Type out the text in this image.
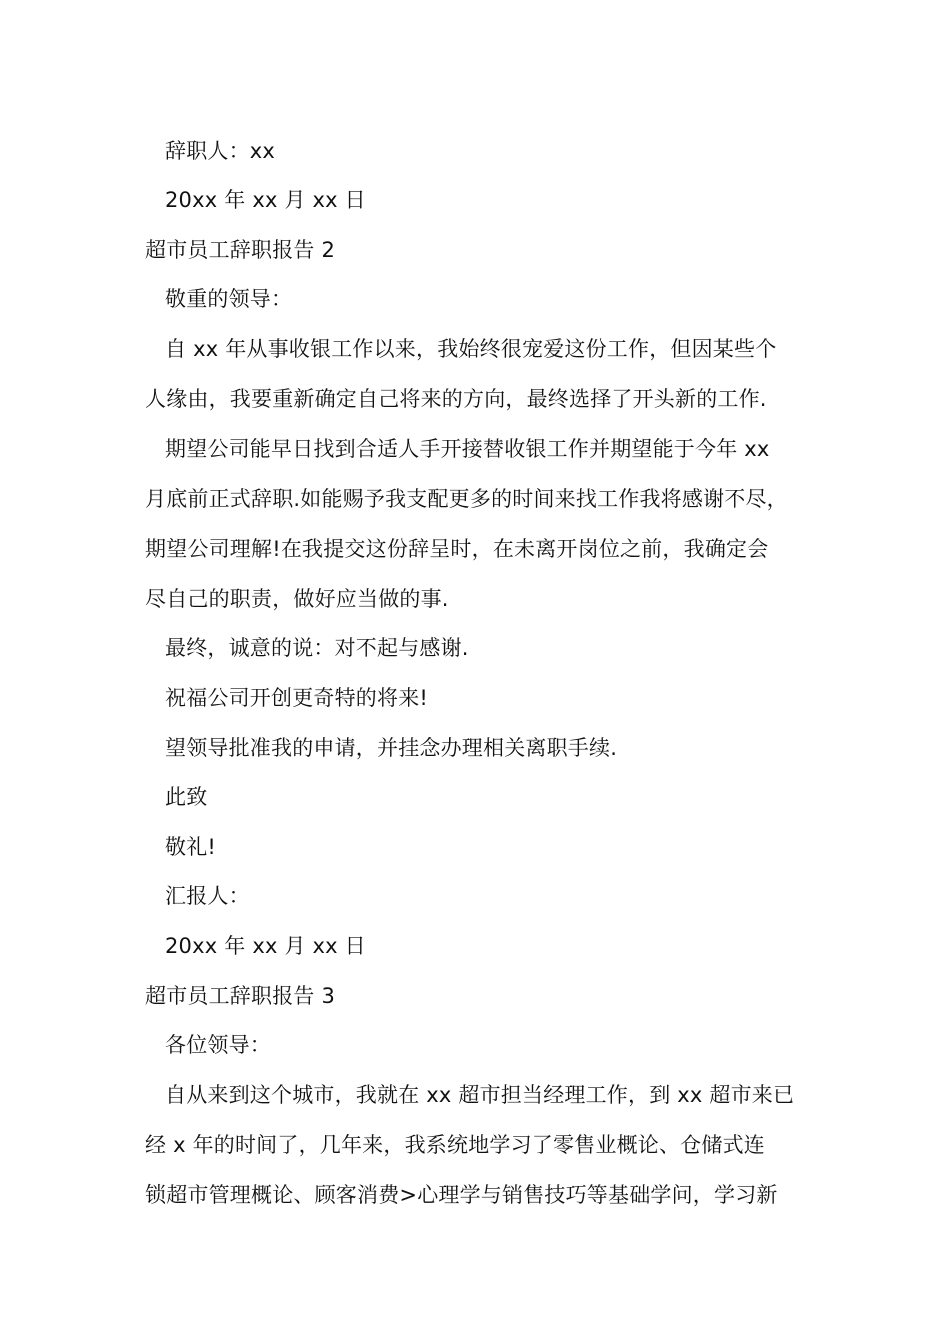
辞职人：xx
20xx 年 xx 月 xx 日
超市员工辞职报告 2
敬重的领导：
自 xx 年从事收银工作以来，我始终很宠爱这份工作，但因某些个
人缘由，我要重新确定自己将来的方向，最终选择了开头新的工作.
期望公司能早日找到合适人手开接替收银工作并期望能于今年 xx
月底前正式辞职.如能赐予我支配更多的时间来找工作我将感谢不尽，
期望公司理解!在我提交这份辞呈时，在未离开岗位之前，我确定会
尽自己的职责，做好应当做的事.
最终，诚意的说：对不起与感谢.
祝福公司开创更奇特的将来!
望领导批准我的申请，并挂念办理相关离职手续.
此致
敬礼!
汇报人：
20xx 年 xx 月 xx 日
超市员工辞职报告 3
各位领导：
自从来到这个城市，我就在 xx 超市担当经理工作，到 xx 超市来已
经 x 年的时间了，几年来，我系统地学习了零售业概论、仓储式连
锁超市管理概论、顾客消费>心理学与销售技巧等基础学问，学习新
